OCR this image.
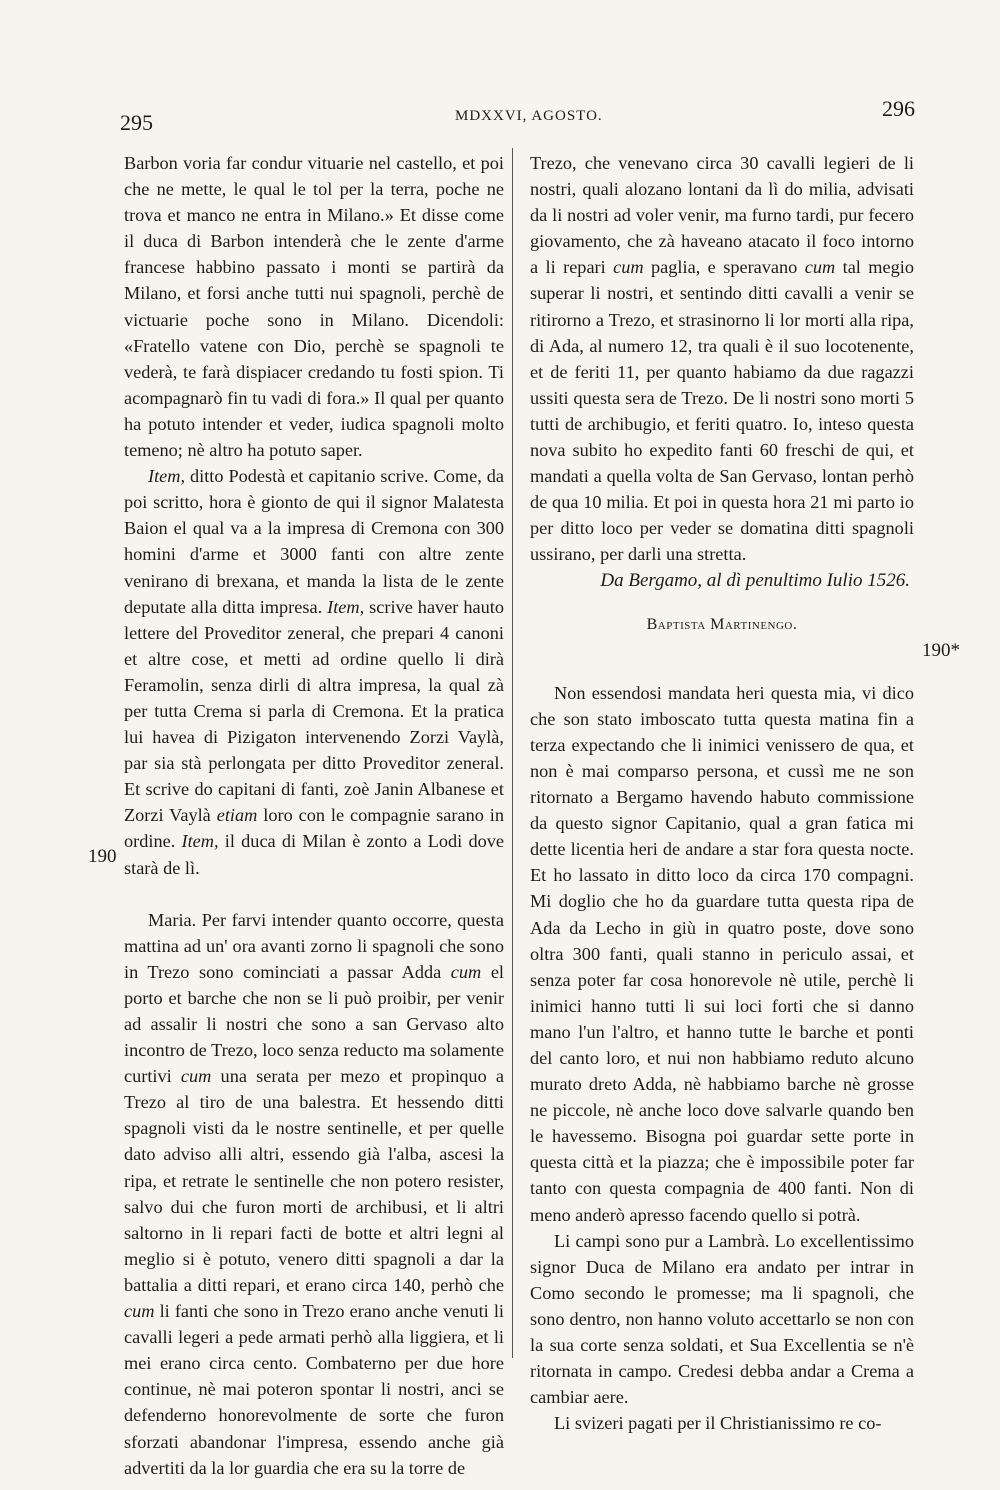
295	MDXXVI, AGOSTO.	296
190
190*

Barbon voria far condur vituarie nel castello, et poi che ne mette, le qual le tol per la terra, poche ne trova et manco ne entra in Milano.» Et disse come il duca di Barbon intenderà che le zente d'arme francese habbino passato i monti se partirà da Milano, et forsi anche tutti nui spagnoli, perchè de victuarie poche sono in Milano. Dicendoli: «Fratello vatene con Dio, perchè se spagnoli te vederà, te farà dispiacer credando tu fosti spion. Ti acompagnarò fin tu vadi di fora.» Il qual per quanto ha potuto intender et veder, iudica spagnoli molto temeno; nè altro ha potuto saper.

Item, ditto Podestà et capitanio scrive. Come, da poi scritto, hora è gionto de qui il signor Malatesta Baion el qual va a la impresa di Cremona con 300 homini d'arme et 3000 fanti con altre zente venirano di brexana, et manda la lista de le zente deputate alla ditta impresa. Item, scrive haver hauto lettere del Proveditor zeneral, che prepari 4 canoni et altre cose, et metti ad ordine quello li dirà Feramolin, senza dirli di altra impresa, la qual zà per tutta Crema si parla di Cremona. Et la pratica lui havea di Pizigaton intervenendo Zorzi Vaylà, par sia stà perlongata per ditto Proveditor zeneral. Et scrive do capitani di fanti, zoè Janin Albanese et Zorzi Vaylà etiam loro con le compagnie sarano in ordine. Item, il duca di Milan è zonto a Lodi dove starà de lì.

Maria. Per farvi intender quanto occorre, questa mattina ad un' ora avanti zorno li spagnoli che sono in Trezo sono cominciati a passar Adda cum el porto et barche che non se li può proibir, per venir ad assalir li nostri che sono a san Gervaso alto incontro de Trezo, loco senza reducto ma solamente curtivi cum una serata per mezo et propinquo a Trezo al tiro de una balestra. Et hessendo ditti spagnoli visti da le nostre sentinelle, et per quelle dato adviso alli altri, essendo già l'alba, ascesi la ripa, et retrate le sentinelle che non potero resister, salvo dui che furon morti de archibusi, et li altri saltorno in li repari facti de botte et altri legni al meglio si è potuto, venero ditti spagnoli a dar la battalia a ditti repari, et erano circa 140, perhò che cum li fanti che sono in Trezo erano anche venuti li cavalli legeri a pede armati perhò alla liggiera, et li mei erano circa cento. Combaterno per due hore continue, nè mai poteron spontar li nostri, anci se defenderno honorevolmente de sorte che furon sforzati abandonar l'impresa, essendo anche già advertiti da la lor guardia che era su la torre de

Trezo, che venevano circa 30 cavalli legieri de li nostri, quali alozano lontani da lì do milia, advisati da li nostri ad voler venir, ma furno tardi, pur fecero giovamento, che zà haveano atacato il foco intorno a li repari cum paglia, e speravano cum tal megio superar li nostri, et sentindo ditti cavalli a venir se ritirorno a Trezo, et strasinorno li lor morti alla ripa, di Ada, al numero 12, tra quali è il suo locotenente, et de feriti 11, per quanto habiamo da due ragazzi ussiti questa sera de Trezo. De li nostri sono morti 5 tutti de archibugio, et feriti quatro. Io, inteso questa nova subito ho expedito fanti 60 freschi de qui, et mandati a quella volta de San Gervaso, lontan perhò de qua 10 milia. Et poi in questa hora 21 mi parto io per ditto loco per veder se domatina ditti spagnoli ussirano, per darli una stretta.

Da Bergamo, al dì penultimo Iulio 1526.

Baptista Martinengo.

Non essendosi mandata heri questa mia, vi dico che son stato imboscato tutta questa matina fin a terza expectando che li inimici venissero de qua, et non è mai comparso persona, et cussì me ne son ritornato a Bergamo havendo habuto commissione da questo signor Capitanio, qual a gran fatica mi dette licentia heri de andare a star fora questa nocte. Et ho lassato in ditto loco da circa 170 compagni. Mi doglio che ho da guardare tutta questa ripa de Ada da Lecho in giù in quatro poste, dove sono oltra 300 fanti, quali stanno in periculo assai, et senza poter far cosa honorevole nè utile, perchè li inimici hanno tutti li sui loci forti che si danno mano l'un l'altro, et hanno tutte le barche et ponti del canto loro, et nui non habbiamo reduto alcuno murato dreto Adda, nè habbiamo barche nè grosse ne piccole, nè anche loco dove salvarle quando ben le havessemo. Bisogna poi guardar sette porte in questa città et la piazza; che è impossibile poter far tanto con questa compagnia de 400 fanti. Non di meno anderò apresso facendo quello si potrà.

Li campi sono pur a Lambrà. Lo excellentissimo signor Duca de Milano era andato per intrar in Como secondo le promesse; ma li spagnoli, che sono dentro, non hanno voluto accettarlo se non con la sua corte senza soldati, et Sua Excellentia se n'è ritornata in campo. Credesi debba andar a Crema a cambiar aere.

Li svizeri pagati per il Christianissimo re co-
